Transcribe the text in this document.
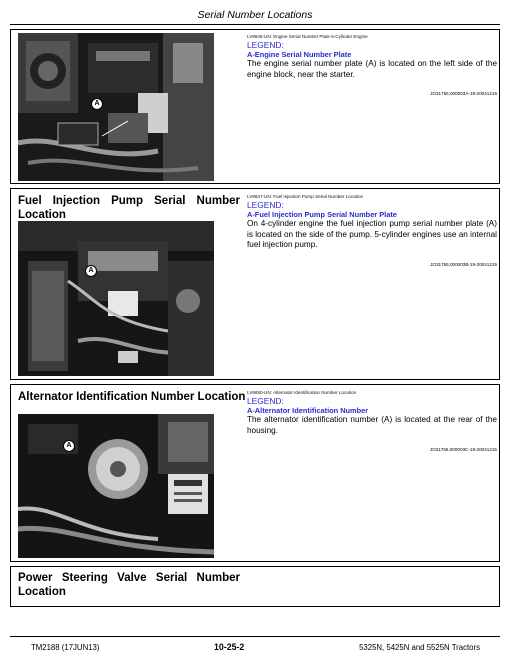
Serial Number Locations
A
LV9646-UN: Engine Serial Number Plate 5-Cylinder Engine
LEGEND:
A-Engine Serial Number Plate
The engine serial number plate (A) is located on the left side of the engine block, near the starter.
JO31755,000003A-19-20041215
Fuel Injection Pump Serial Number
Location
A
LV9647-UN: Fuel Injection Pump Serial Number Location
LEGEND:
A-Fuel Injection Pump Serial Number Plate
On 4-cylinder engine the fuel injection pump serial number plate (A) is located on the side of the pump. 5-cylinder engines use an internal fuel injection pump.
JO31755,000003B-19-20041215
Alternator Identification Number Location
A
LV9650-UN: Alternator Identification Number Location
LEGEND:
A-Alternator Identification Number
The alternator identification number (A) is located at the rear of the housing.
JO31755,000003C-19-20041215
Power Steering Valve Serial Number
Location
TM2188 (17JUN13)	10-25-2	5325N, 5425N and 5525N Tractors
